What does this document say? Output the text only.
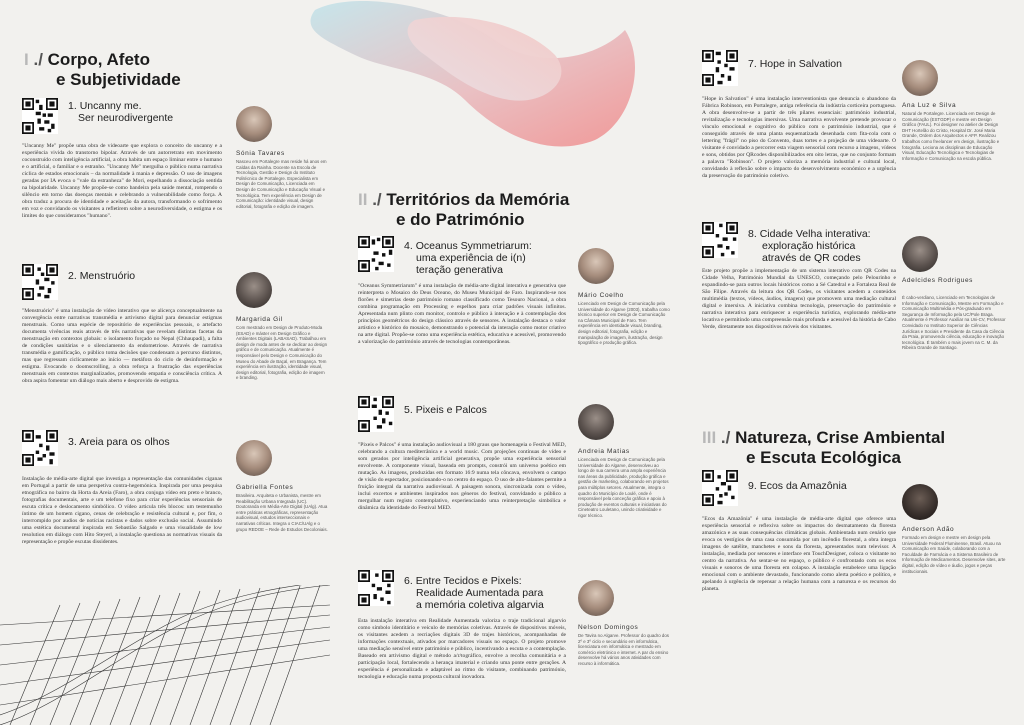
I ./ Corpo, Afeto
e Subjetividade
1. Uncanny me.
Ser neurodivergente
"Uncanny Me" propõe uma obra de videoarte que explora o conceito do uncanny e a experiência vivida do transtorno bipolar. Através de um autorretrato em movimento coconstruído com inteligência artificial, a obra habita um espaço liminar entre o humano e o artificial, o familiar e o estranho. "Uncanny Me" mergulha o público numa narrativa cíclica de estados emocionais – da normalidade à mania e depressão. O uso de imagens geradas por IA evoca o "vale da estranheza" de Mori, espelhando a dissociação sentida na bipolaridade. Uncanny Me propõe-se como bandeira pela saúde mental, rompendo o silêncio em torno das doenças mentais e celebrando a vulnerabilidade como força. A obra traduz a procura de identidade e aceitação da autora, transformando o sofrimento em voz e convidando os visitantes a refletirem sobre a neurodiversidade, o estigma e os limites do que consideramos "humano".
Sónia Tavares
Nasceu em Portalegre mas reside há anos em Caldas da Rainha. Docente na Escola de Tecnologia, Gestão e Design do Instituto Politécnico de Portalegre. Especialista em Design de Comunicação, Licenciada em Design de Comunicação e Educação Visual e Tecnológica. Tem experiência em Design de Comunicação: identidade visual, design editorial, fotografia e edição de imagem.
2. Menstruório
"Menstruório" é uma instalação de vídeo interativo que se alicerça conceptualmente na convergência entre narrativas transmédia e artivismo digital para denunciar estigmas menstruais. Como uma espécie de repositório de experiências pessoais, o artefacto documenta vivências reais através de três narrativas que revelam distintas facetas da menstruação em contextos globais: o isolamento forçado no Nepal (Chhaupadi), a falta de condições sanitárias e o silenciamento da endometriose. Através de narrativa transmédia e gamificação, o público toma decisões que condensam a percurso distintos, mas que regressam ciclicamente ao início — metáfora do ciclo de desinformação e estigma. Evocando o doomscrolling, a obra reforça a frustração das experiências menstruais em contextos marginalizados, promovendo empatia e consciência crítica. A obra aspira fomentar um diálogo mais aberto e desprovido de estigma.
Margarida Gil
Com mestrado em Design de Produto-Moda (ESAD) e máster em Design Gráfico e Ambientes Digitais (LABASAD). Trabalhou em design de moda antes de se dedicar ao design gráfico e de comunicação. Atualmente é responsável pelo Design e Comunicação do Museu do Abade de Baçal, em Bragança. Tem experiência em ilustração, identidade visual, design editorial, fotografia, edição de imagem e branding.
3. Areia para os olhos
Instalação de média-arte digital que investiga a representação das comunidades ciganas em Portugal a partir de uma perspetiva contra-hegemónica. Inspirada por uma pesquisa etnográfica no bairro da Horta da Areia (Faro), a obra conjuga vídeo em preto e branco, fotografias documentais, arte e um telefone fixo para criar experiências sensoriais de escuta crítica e deslocamento simbólico. O vídeo articula três blocos: um testemunho íntimo de um homem cigano, cenas de celebração e resistência cultural e, por fim, o interrompido por audios de notícias racistas e dados sobre exclusão social. Assumindo uma estética documental inspirada em Sebastião Salgado e uma visualidade de low resolution em diálogo com Hito Steyerl, a instalação questiona as normativas visuais da representação e propõe escutas dissidentes.
Gabriella Fontes
Brasileira. Arquiteta e Urbanista, mestre em Reabilitação Urbana Integrada (UC). Doutoranda em Média-Arte Digital (UAlg). Atua entre práticas etnográficas, representação audiovisual, estudos interseccionais e narrativas críticas. Integra o CIAC/UAlg e o grupo REDOE – Rede de Estudos Decoloniais.
II ./ Territórios da Memória
e do Património
4. Oceanus Symmetriarum:
uma experiência de i(n)
teração generativa
"Oceanus Symmetriarum" é uma instalação de média-arte digital interativa e generativa que reinterpreta o Mosaico do Deus Oceano, do Museu Municipal de Faro. Inspirando-se nos florões e simetrias deste património romano classificado como Tesouro Nacional, a obra combina programação em Processing e espelhos para criar padrões visuais infinitos. Apresentada num plinto com monitor, controlo e público à interação e à contemplação dos princípios geométricos do design clássico através de sensores. A instalação destaca o valor artístico e histórico do mosaico, demonstrando o potencial da interação como motor criativo na arte digital. Propõe-se como uma experiência estética, educativa e acessível, promovendo a valorização do património através de tecnologias contemporâneas.
Mário Coelho
Licenciado em Design de Comunicação pela Universidade do Algarve (2003), trabalha como técnico superior em Design de Comunicação na Câmara Municipal de Faro. Tem experiência em identidade visual, branding, design editorial, fotografia, edição e manipulação de imagem, ilustração, design tipográfico e produção gráfica.
5. Pixeis e Palcos
"Pixeis e Palcos" é uma instalação audiovisual a 180 graus que homenageia o Festival MED, celebrando a cultura mediterrânica e a world music. Com projeções contínuas de vídeo e som gerados por inteligência artificial generativa, propõe uma experiência sensorial envolvente. A componente visual, baseada em prompts, constrói um universo poético em mutação. As imagens, produzidas em formato 16:9 numa tela côncava, envolvem o campo de visão do espectador, posicionando-o no centro do espaço. O uso de alto-falantes permite a fruição integral da narrativa audiovisual. A paisagem sonora, sincronizada com o vídeo, inclui excertos e ambientes inspirados nos géneros do festival, convidando o público a mergulhar num registo contemplativo, experienciando uma reinterpretação simbólica e dinâmica da identidade do Festival MED.
Andreia Matias
Licenciada em Design de Comunicação pela Universidade do Algarve, desenvolveu ao longo de sua carreira uma ampla experiência nas áreas da publicidade, produção gráfica e gestão de marketing, colaborando em projetos para múltiplos setores. Atualmente, integra o quadro do Município de Loulé, onde é responsável pela conceção gráfica e apoio à produção de eventos culturais e iniciativas do Cineteatro Louletano, unindo criatividade e rigor técnico.
6. Entre Tecidos e Pixels:
Realidade Aumentada para
a memória coletiva algarvia
Esta instalação interativa em Realidade Aumentada valoriza o traje tradicional algarvio como símbolo identitário e veículo de memórias coletivas. Através de dispositivos móveis, os visitantes acedem a recriações digitais 3D de trajes históricos, acompanhadas de informações contextuais, ativados por marcadores visuais no espaço. O projeto promove uma mediação sensível entre património e público, incentivando a escuta e a contemplação. Baseado em artivismo digital e método a/r/tográfico, envolve a recolha comunitária e a participação local, fortalecendo a herança imaterial e criando uma ponte entre gerações. A experiência é personalizada e adaptável ao ritmo do visitante, combinando património, tecnologia e educação numa proposta cultural inovadora.
Nelson Domingos
De Tavira no Algarve. Professor do quadro dos 2º e 3º ciclo e secundário em informática, licenciatura em informática e mestrado em comércio eletrónico e internet. A par do ensino desenvolve há vários anos atividades com recurso à informática.
7. Hope in Salvation
"Hope in Salvation" é uma instalação interventionista que denuncia o abandono da Fábrica Robinson, em Portalegre, antiga referência da indústria corticeira portuguesa. A obra desenvolve-se a partir de três pilares essenciais: património industrial, revitalização e tecnologias imersivas. Uma narrativa envolvente pretende provocar o vínculo emocional e cognitivo do público com o património industrial, que é conseguido através de uma planta esquematizada desenhada com fita-cola com o lettering "frágil" no piso do Convento, duas tortes e a projeção de uma videoarte. O visitante é convidado a percorrer esta viagem sensorial com recurso a imagens, vídeos e sons, obtidos por QRcodes disponibilizados em oito letras, que no conjunto formam a palavra "Robinson". O projeto valoriza a memória industrial e cultural local, convidando à reflexão sobre o impacto do desenvolvimento económico e a urgência da preservação do património coletivo.
Ana Luz e Silva
Natural de Portalegre. Licenciada em Design de Comunicação (ESTGDP) e mestre em Design Gráfico (FAUL). Foi designer no atelier de Design DHT Hortelão do Cristo, Hospital Dr. José Maria Grande, Ordem dos Arquitectos e AFP. Realizou trabalhos como freelancer em design, ilustração e fotografia. Leciona as disciplinas de Educação Visual, Educação Tecnológica e Tecnologias de Informação e Comunicação na escola pública.
8. Cidade Velha interativa:
exploração histórica
através de QR codes
Este projeto propõe a implementação de um sistema interativo com QR Codes na Cidade Velha, Património Mundial da UNESCO, começando pelo Pelourinho e expandindo-se para outros locais históricos como a Sé Catedral e a Fortaleza Real de São Filipe. Através da leitura dos QR Codes, os visitantes acedem a conteúdos multimédia (textos, vídeos, áudios, imagens) que promovem uma mediação cultural digital e imersiva. A iniciativa combina tecnologia, preservação do património e narrativa interativa para enriquecer a experiência turística, explorando média-arte locativa e permitindo uma compreensão mais profunda e acessível da história de Cabo Verde, diretamente nos dispositivos móveis dos visitantes.
Adelcides Rodrigues
É cabo-verdiano, Licenciado em Tecnologias de Informação e Comunicação, Mestre em Formação e Comunicação Multimédia e Pós-graduado em Segurança de Informação pela UC/Pole Braga. Atualmente é Professor Auxiliar na Uni-CV, Professor Convidado no Instituto Superior de Ciências Jurídicas e Sociais e Presidente da Casa da Ciência da Praia, promovendo ciência, educação e inovação tecnológica. É também o mais jovem na C. M. da Ribeira Grande de Santiago.
III ./ Natureza, Crise Ambiental
e Escuta Ecológica
9. Ecos da Amazônia
"Ecos da Amazônia" é uma instalação de média-arte digital que oferece uma experiência sensorial e reflexiva sobre os impactos do desmatamento da floresta amazónica e as suas consequências climáticas globais. Ambientada num cenário que evoca os vestígios de uma casa consumida por um incêndio florestal, a obra integra imagens de satélite, manchetes e sons da floresta, apresentados num televisor. A instalação, mediada por sensores e interface em TouchDesigner, coloca o visitante no centro da narrativa. Ao sentar-se no espaço, o público é confrontado com os ecos visuais e sonoros de uma floresta em colapso. A instalação estabelece uma ligação emocional com o ambiente devastado, funcionando como alerta poético e político, e apelando à urgência de repensar a relação humana com a natureza e os recursos do planeta.
Anderson Adão
Formado em design e mestre em design pela Universidade Federal Fluminense, Brasil. Atuou na Comunicação em Saúde, colaborando com a Faculdade de Farmácia e a Sistema Brasileiro de Informação de Medicamentos. Desenvolve sites, arte digital, edição de vídeo e áudio, jogos e peças institucionais.
